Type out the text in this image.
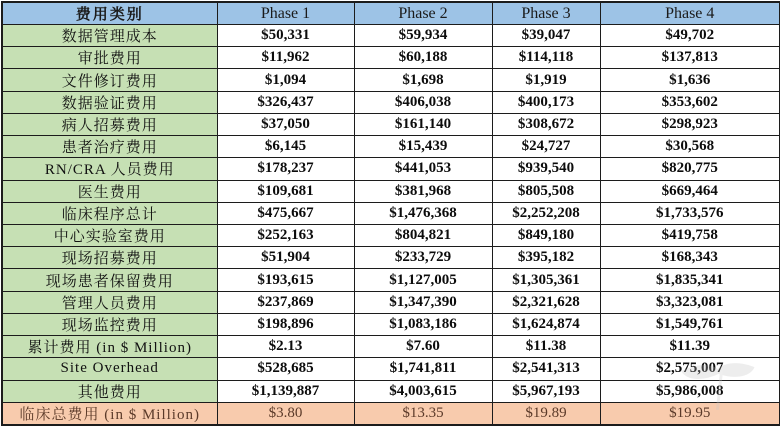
费用类别	Phase 1	Phase 2	Phase 3	Phase 4
数据管理成本	$50,331	$59,934	$39,047	$49,702
审批费用	$11,962	$60,188	$114,118	$137,813
文件修订费用	$1,094	$1,698	$1,919	$1,636
数据验证费用	$326,437	$406,038	$400,173	$353,602
病人招募费用	$37,050	$161,140	$308,672	$298,923
患者治疗费用	$6,145	$15,439	$24,727	$30,568
RN/CRA 人员费用	$178,237	$441,053	$939,540	$820,775
医生费用	$109,681	$381,968	$805,508	$669,464
临床程序总计	$475,667	$1,476,368	$2,252,208	$1,733,576
中心实验室费用	$252,163	$804,821	$849,180	$419,758
现场招募费用	$51,904	$233,729	$395,182	$168,343
现场患者保留费用	$193,615	$1,127,005	$1,305,361	$1,835,341
管理人员费用	$237,869	$1,347,390	$2,321,628	$3,323,081
现场监控费用	$198,896	$1,083,186	$1,624,874	$1,549,761
累计费用 (in $ Million)	$2.13	$7.60	$11.38	$11.39
Site Overhead	$528,685	$1,741,811	$2,541,313	$2,575,007
其他费用	$1,139,887	$4,003,615	$5,967,193	$5,986,008
临床总费用 (in $ Million)	$3.80	$13.35	$19.89	$19.95
